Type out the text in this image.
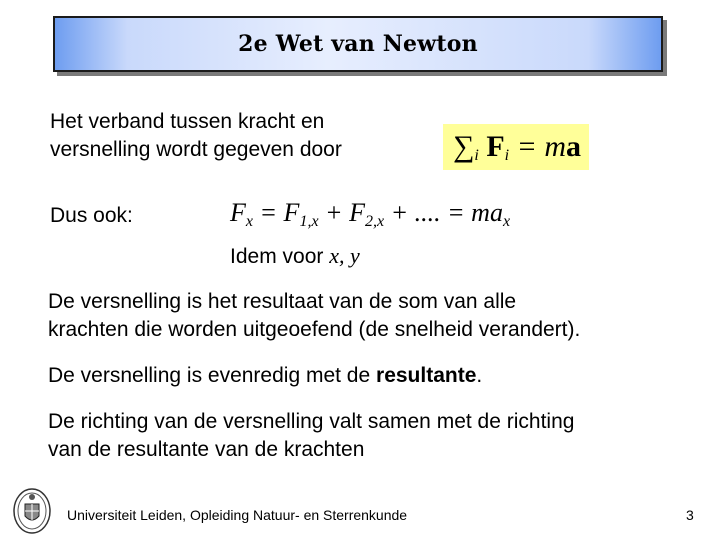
2e Wet van Newton
Het verband tussen kracht en
versnelling wordt gegeven door	$\sum_i$ $F_i$ = ma
Dus ook:	$F_x = F_{1,x} + F_{2,x}$ + .... = $ma_x$
Idem voor x, y
De versnelling is het resultaat van de som van alle
krachten die worden uitgeoefend (de snelheid verandert).
De versnelling is evenredig met de resultante.
De richting van de versnelling valt samen met de richting
van de resultante van de krachten
Universiteit Leiden, Opleiding Natuur- en Sterrenkunde	3
